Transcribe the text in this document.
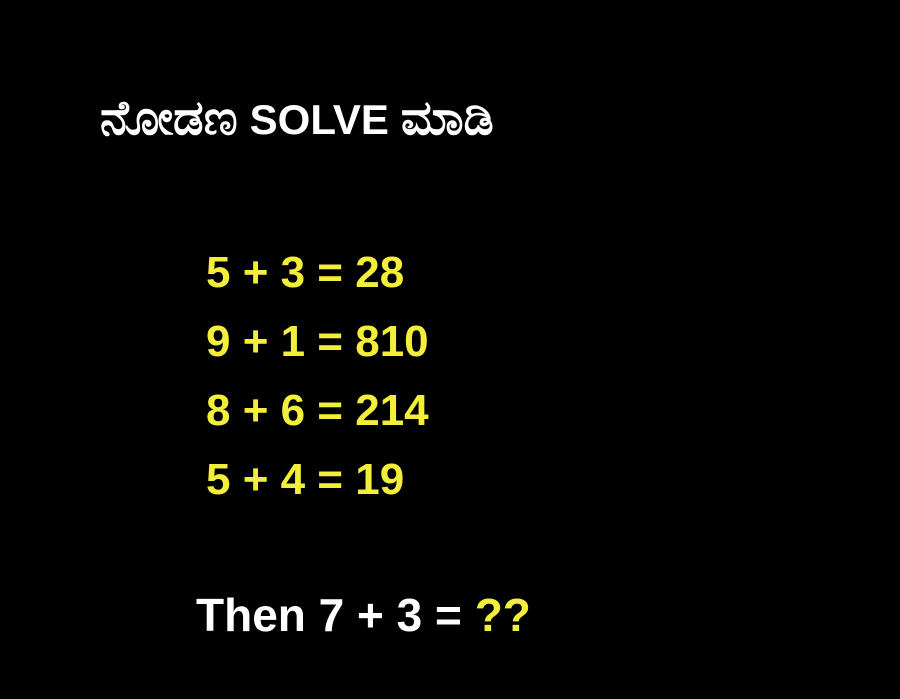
ನೋಡಣ SOLVE ಮಾಡಿ
5 + 3 = 28
9 + 1 = 810
8 + 6 = 214
5 + 4 = 19
Then 7 + 3 = ??
